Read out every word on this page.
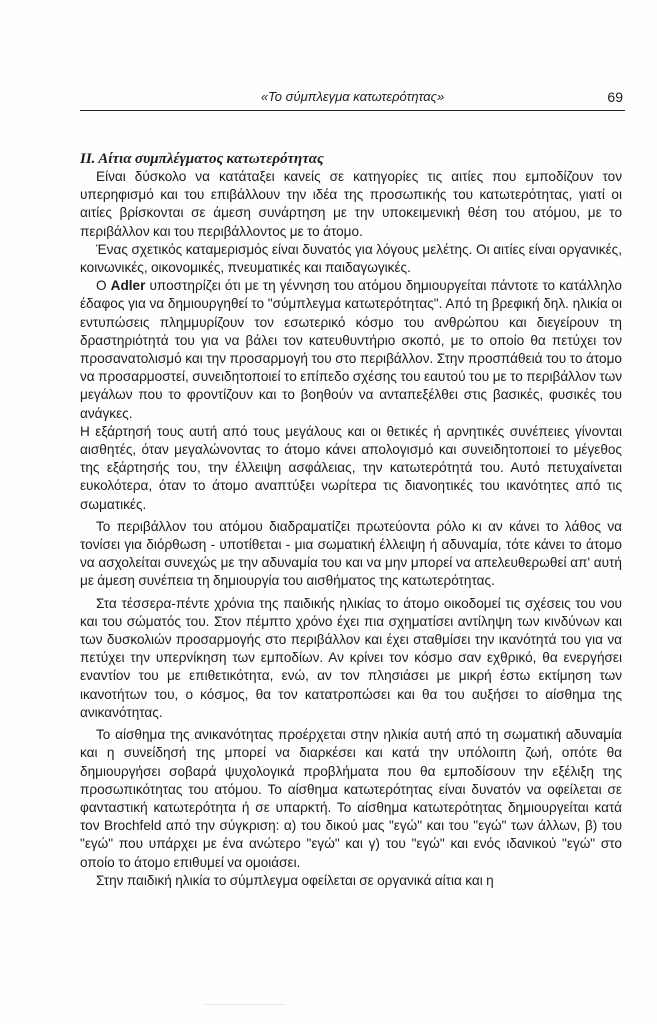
«Το σύμπλεγμα κατωτερότητας»	69
ΙΙ. Αίτια συμπλέγματος κατωτερότητας

Είναι δύσκολο να κατάταξει κανείς σε κατηγορίες τις αιτίες που εμποδίζουν τον υπερηφισμό και του επιβάλλουν την ιδέα της προσωπικής του κατωτερότητας, γιατί οι αιτίες βρίσκονται σε άμεση συνάρτηση με την υποκειμενική θέση του ατόμου, με το περιβάλλον και του περιβάλλοντος με το άτομο.

Ένας σχετικός καταμερισμός είναι δυνατός για λόγους μελέτης. Οι αιτίες είναι οργανικές, κοινωνικές, οικονομικές, πνευματικές και παιδαγωγικές.

Ο Adler υποστηρίζει ότι με τη γέννηση του ατόμου δημιουργείται πάντοτε το κατάλληλο έδαφος για να δημιουργηθεί το "σύμπλεγμα κατωτερότητας". Από τη βρεφική δηλ. ηλικία οι εντυπώσεις πλημμυρίζουν τον εσωτερικό κόσμο του ανθρώπου και διεγείρουν τη δραστηριότητά του για να βάλει τον κατευθυντήριο σκοπό, με το οποίο θα πετύχει τον προσανατολισμό και την προσαρμογή του στο περιβάλλον. Στην προσπάθειά του το άτομο να προσαρμοστεί, συνειδητοποιεί το επίπεδο σχέσης του εαυτού του με το περιβάλλον των μεγάλων που το φροντίζουν και το βοηθούν να ανταπεξέλθει στις βασικές, φυσικές του ανάγκες.

Η εξάρτησή τους αυτή από τους μεγάλους και οι θετικές ή αρνητικές συνέπειες γίνονται αισθητές, όταν μεγαλώνοντας το άτομο κάνει απολογισμό και συνειδητοποιεί το μέγεθος της εξάρτησής του, την έλλειψη ασφάλειας, την κατωτερότητά του. Αυτό πετυχαίνεται ευκολότερα, όταν το άτομο αναπτύξει νωρίτερα τις διανοητικές του ικανότητες από τις σωματικές.

Το περιβάλλον του ατόμου διαδραματίζει πρωτεύοντα ρόλο κι αν κάνει το λάθος να τονίσει για διόρθωση - υποτίθεται - μια σωματική έλλειψη ή αδυναμία, τότε κάνει το άτομο να ασχολείται συνεχώς με την αδυναμία του και να μην μπορεί να απελευθερωθεί απ' αυτή με άμεση συνέπεια τη δημιουργία του αισθήματος της κατωτερότητας.

Στα τέσσερα-πέντε χρόνια της παιδικής ηλικίας το άτομο οικοδομεί τις σχέσεις του νου και του σώματός του. Στον πέμπτο χρόνο έχει πια σχηματίσει αντίληψη των κινδύνων και των δυσκολιών προσαρμογής στο περιβάλλον και έχει σταθμίσει την ικανότητά του για να πετύχει την υπερνίκηση των εμποδίων. Αν κρίνει τον κόσμο σαν εχθρικό, θα ενεργήσει εναντίον του με επιθετικότητα, ενώ, αν τον πλησιάσει με μικρή έστω εκτίμηση των ικανοτήτων του, ο κόσμος, θα τον κατατροπώσει και θα του αυξήσει το αίσθημα της ανικανότητας.

Το αίσθημα της ανικανότητας προέρχεται στην ηλικία αυτή από τη σωματική αδυναμία και η συνείδησή της μπορεί να διαρκέσει και κατά την υπόλοιπη ζωή, οπότε θα δημιουργήσει σοβαρά ψυχολογικά προβλήματα που θα εμποδίσουν την εξέλιξη της προσωπικότητας του ατόμου. Το αίσθημα κατωτερότητας είναι δυνατόν να οφείλεται σε φανταστική κατωτερότητα ή σε υπαρκτή. Το αίσθημα κατωτερότητας δημιουργείται κατά τον Brochfeld από την σύγκριση: α) του δικού μας "εγώ" και του "εγώ" των άλλων, β) του "εγώ" που υπάρχει με ένα ανώτερο "εγώ" και γ) του "εγώ" και ενός ιδανικού "εγώ" στο οποίο το άτομο επιθυμεί να ομοιάσει.

Στην παιδική ηλικία το σύμπλεγμα οφείλεται σε οργανικά αίτια και η
